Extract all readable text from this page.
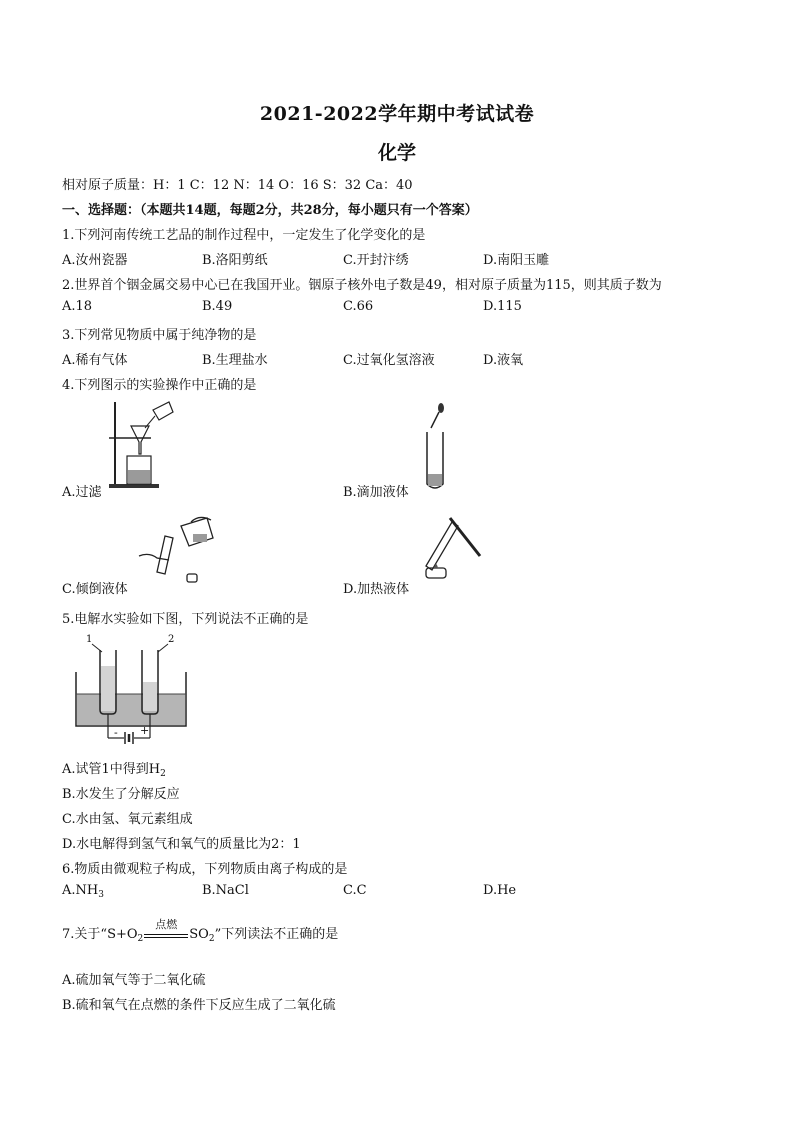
2021-2022学年期中考试试卷
化学
相对原子质量：H：1 C：12 N：14 O：16 S：32 Ca：40
一、选择题：（本题共14题，每题2分，共28分，每小题只有一个答案）
1.下列河南传统工艺品的制作过程中，一定发生了化学变化的是
A.汝州瓷器	B.洛阳剪纸	C.开封汴绣	D.南阳玉雕
2.世界首个铟金属交易中心已在我国开业。铟原子核外电子数是49，相对原子质量为115，则其质子数为
A.18	B.49	C.66	D.115
3.下列常见物质中属于纯净物的是
A.稀有气体	B.生理盐水	C.过氧化氢溶液	D.液氧
4.下列图示的实验操作中正确的是
A.过滤	B.滴加液体
C.倾倒液体	D.加热液体
5.电解水实验如下图，下列说法不正确的是
1	2
- +
A.试管1中得到$H_2$
B.水发生了分解反应
C.水由氢、氧元素组成
D.水电解得到氢气和氧气的质量比为2：1
6.物质由微观粒子构成，下列物质由离子构成的是
$A.NH_3$	B.NaCl	C.C	D.He
7.关于“$S+O_2$
点燃
$SO_2$”下列读法不正确的是
A.硫加氧气等于二氧化硫
B.硫和氧气在点燃的条件下反应生成了二氧化硫
